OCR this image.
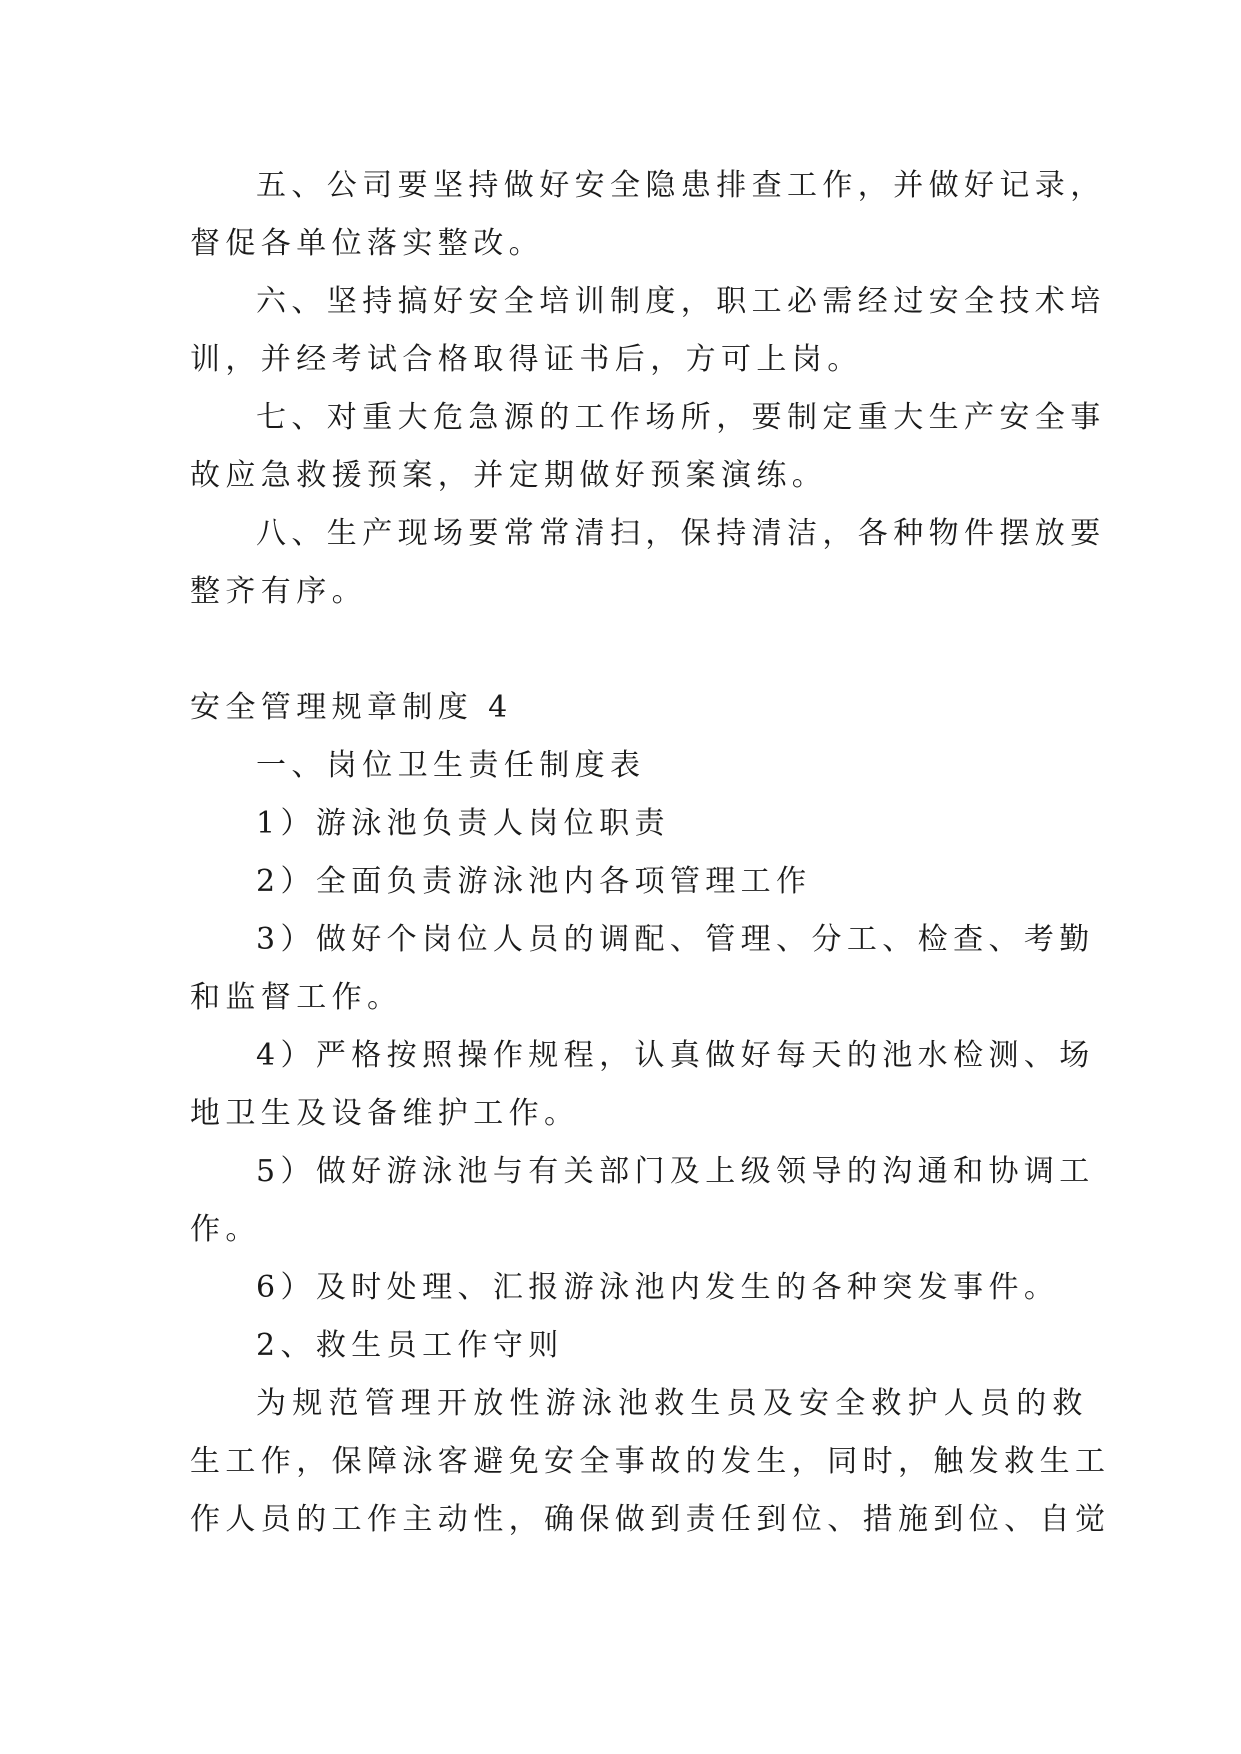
五、公司要坚持做好安全隐患排查工作，并做好记录，
督促各单位落实整改。
六、坚持搞好安全培训制度，职工必需经过安全技术培
训，并经考试合格取得证书后，方可上岗。
七、对重大危急源的工作场所，要制定重大生产安全事
故应急救援预案，并定期做好预案演练。
八、生产现场要常常清扫，保持清洁，各种物件摆放要
整齐有序。
安全管理规章制度 4
一、岗位卫生责任制度表
1）游泳池负责人岗位职责
2）全面负责游泳池内各项管理工作
3）做好个岗位人员的调配、管理、分工、检查、考勤
和监督工作。
4）严格按照操作规程，认真做好每天的池水检测、场
地卫生及设备维护工作。
5）做好游泳池与有关部门及上级领导的沟通和协调工
作。
6）及时处理、汇报游泳池内发生的各种突发事件。
2、救生员工作守则
为规范管理开放性游泳池救生员及安全救护人员的救
生工作，保障泳客避免安全事故的发生，同时，触发救生工
作人员的工作主动性，确保做到责任到位、措施到位、自觉
